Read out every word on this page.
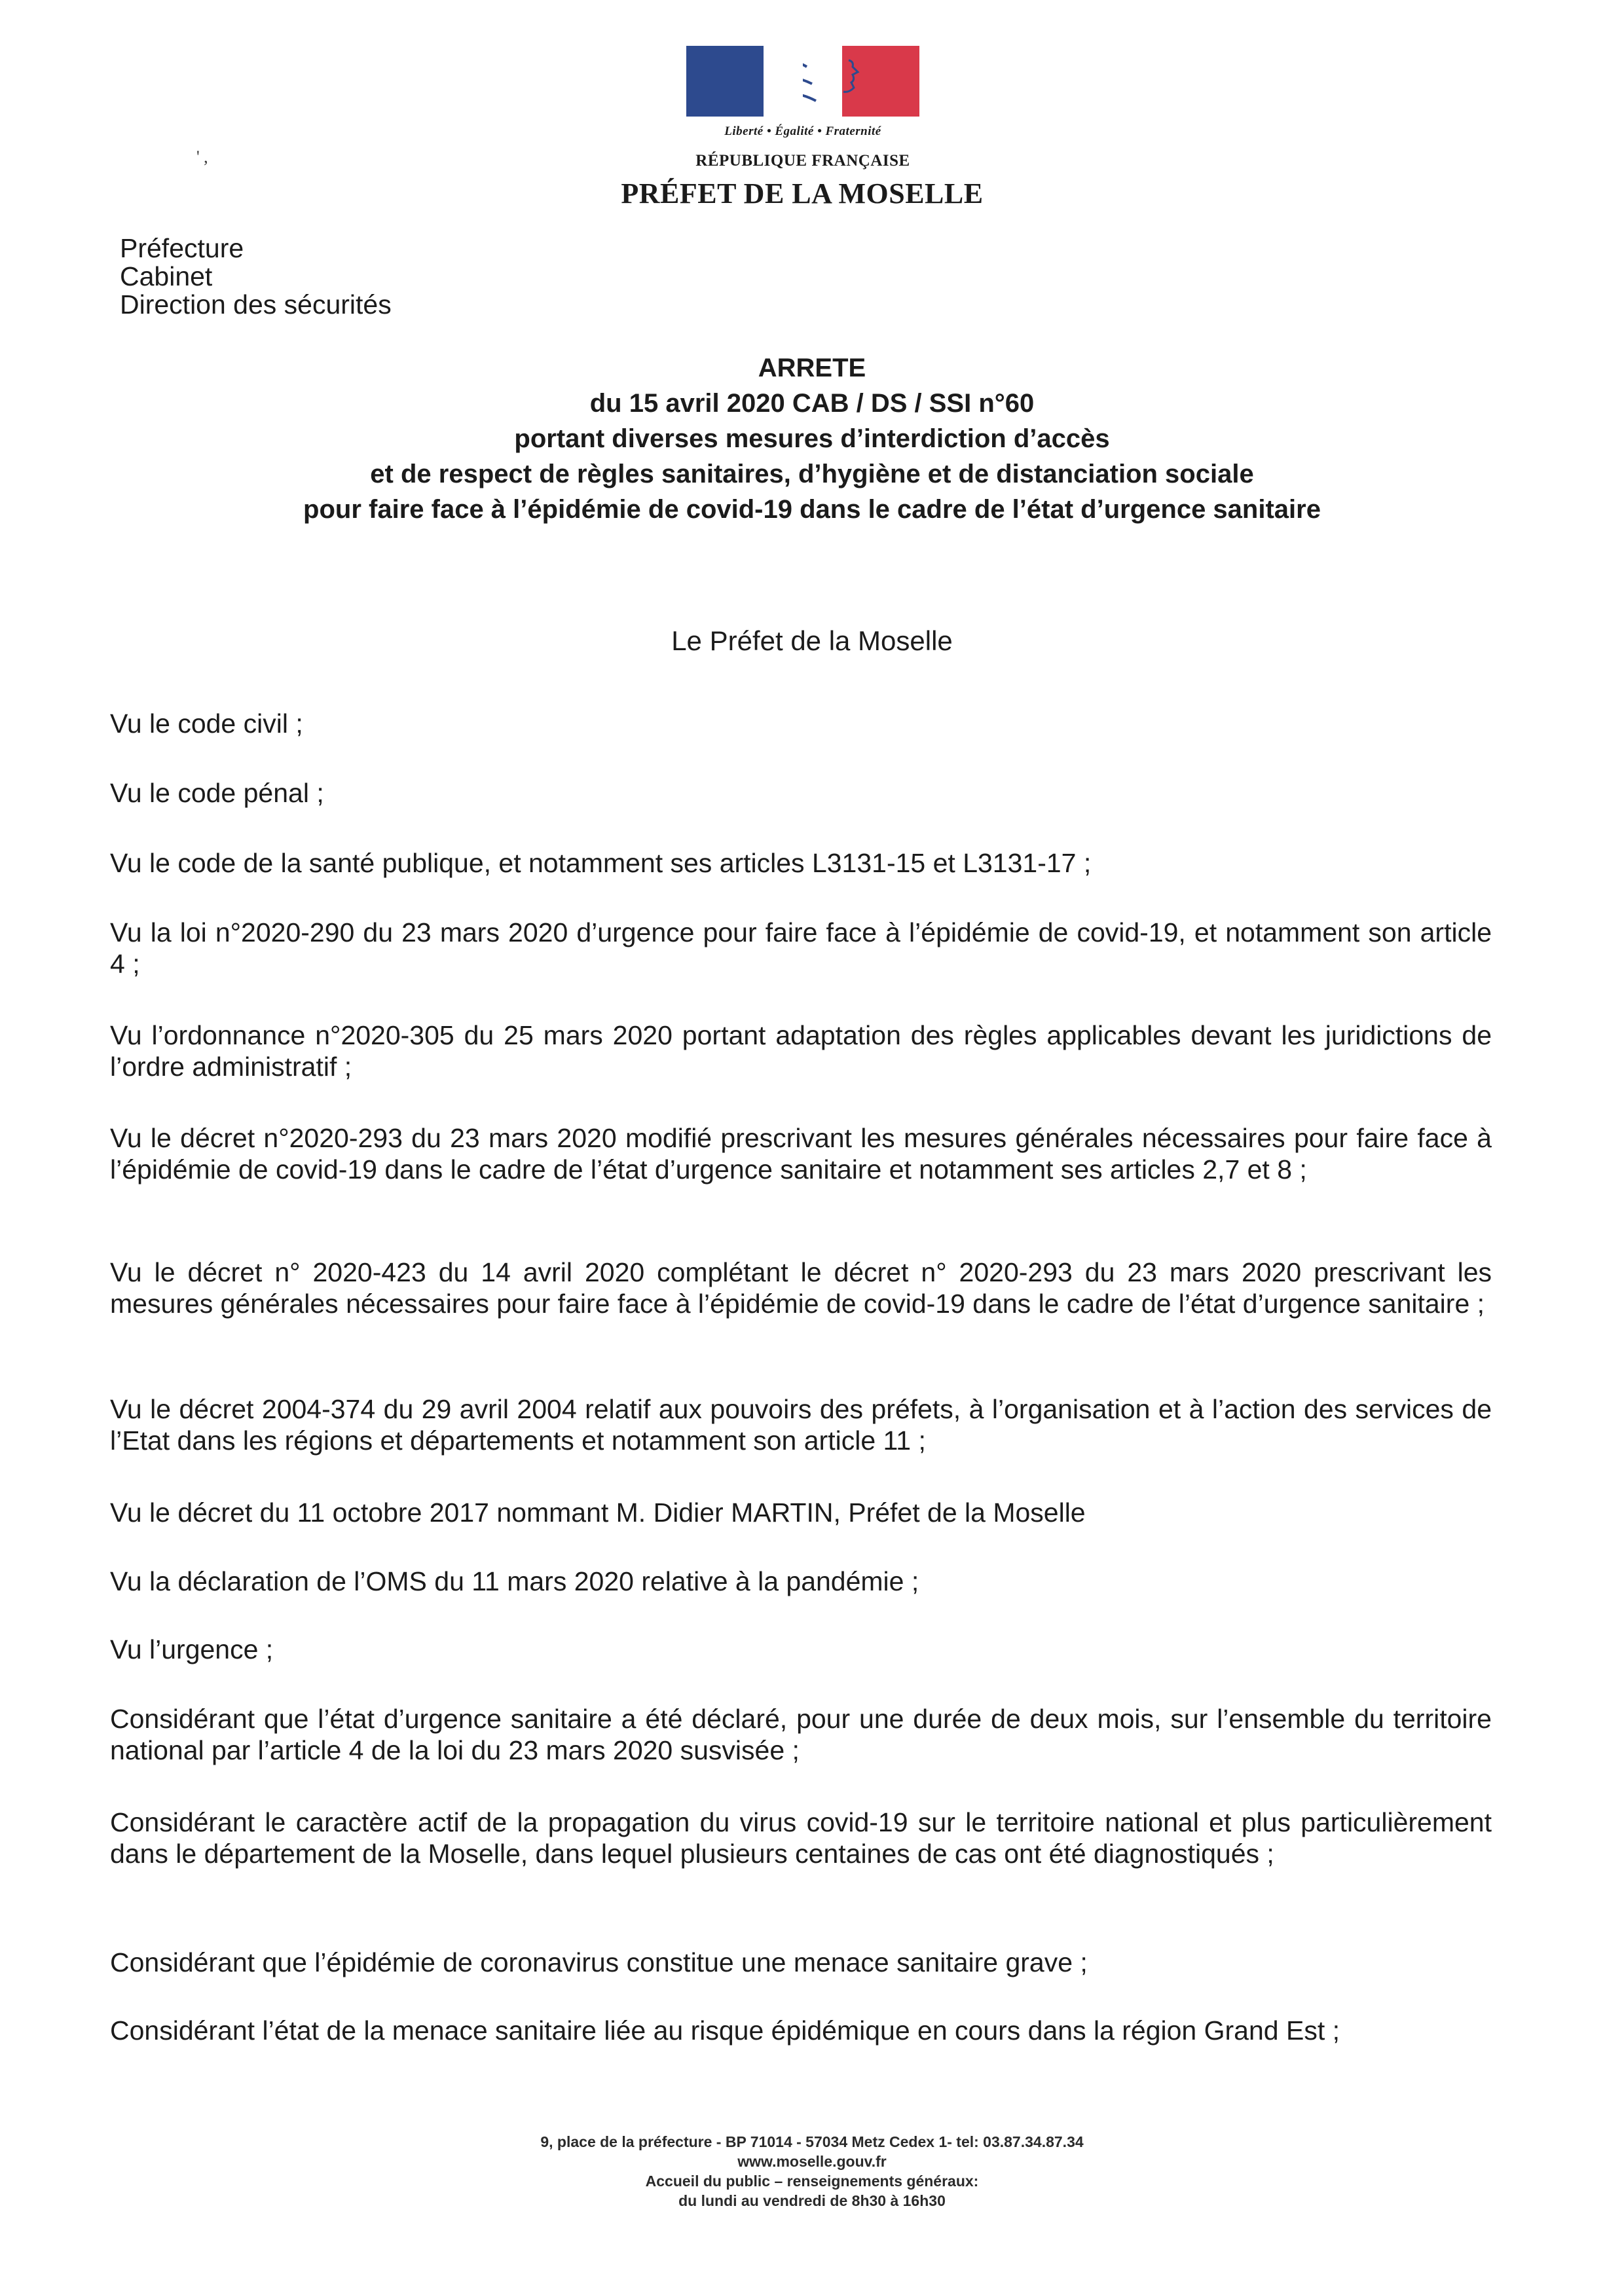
Liberté • Égalité • Fraternité
RÉPUBLIQUE FRANÇAISE
PRÉFET DE LA MOSELLE
' ,
Préfecture
Cabinet
Direction des sécurités
ARRETE
du 15 avril 2020 CAB / DS / SSI n°60
portant diverses mesures d’interdiction d’accès
et de respect de règles sanitaires, d’hygiène et de distanciation sociale
pour faire face à l’épidémie de covid-19 dans le cadre de l’état d’urgence sanitaire
Le Préfet de la Moselle

Vu le code civil ;

Vu le code pénal ;

Vu le code de la santé publique, et notamment ses articles L3131-15 et L3131-17 ;

Vu la loi n°2020-290 du 23 mars 2020 d’urgence pour faire face à l’épidémie de covid-19, et notamment son article 4 ;

Vu l’ordonnance n°2020-305 du 25 mars 2020 portant adaptation des règles applicables devant les juridictions de l’ordre administratif ;

Vu le décret n°2020-293 du 23 mars 2020 modifié prescrivant les mesures générales nécessaires pour faire face à l’épidémie de covid-19 dans le cadre de l’état d’urgence sanitaire et notamment ses articles 2,7 et 8 ;

Vu le décret n° 2020-423 du 14 avril 2020 complétant le décret n° 2020-293 du 23 mars 2020 prescrivant les mesures générales nécessaires pour faire face à l’épidémie de covid-19 dans le cadre de l’état d’urgence sanitaire ;

Vu le décret 2004-374 du 29 avril 2004 relatif aux pouvoirs des préfets, à l’organisation et à l’action des services de l’Etat dans les régions et départements et notamment son article 11 ;

Vu le décret du 11 octobre 2017 nommant M. Didier MARTIN, Préfet de la Moselle

Vu la déclaration de l’OMS du 11 mars 2020 relative à la pandémie ;

Vu l’urgence ;

Considérant que l’état d’urgence sanitaire a été déclaré, pour une durée de deux mois, sur l’ensemble du territoire national par l’article 4 de la loi du 23 mars 2020 susvisée ;

Considérant le caractère actif de la propagation du virus covid-19 sur le territoire national et plus particulièrement dans le département de la Moselle, dans lequel plusieurs centaines de cas ont été diagnostiqués ;

Considérant que l’épidémie de coronavirus constitue une menace sanitaire grave ;

Considérant l’état de la menace sanitaire liée au risque épidémique en cours dans la région Grand Est ;

9, place de la préfecture - BP 71014 - 57034 Metz Cedex 1- tel: 03.87.34.87.34
www.moselle.gouv.fr
Accueil du public – renseignements généraux:
du lundi au vendredi de 8h30 à 16h30
